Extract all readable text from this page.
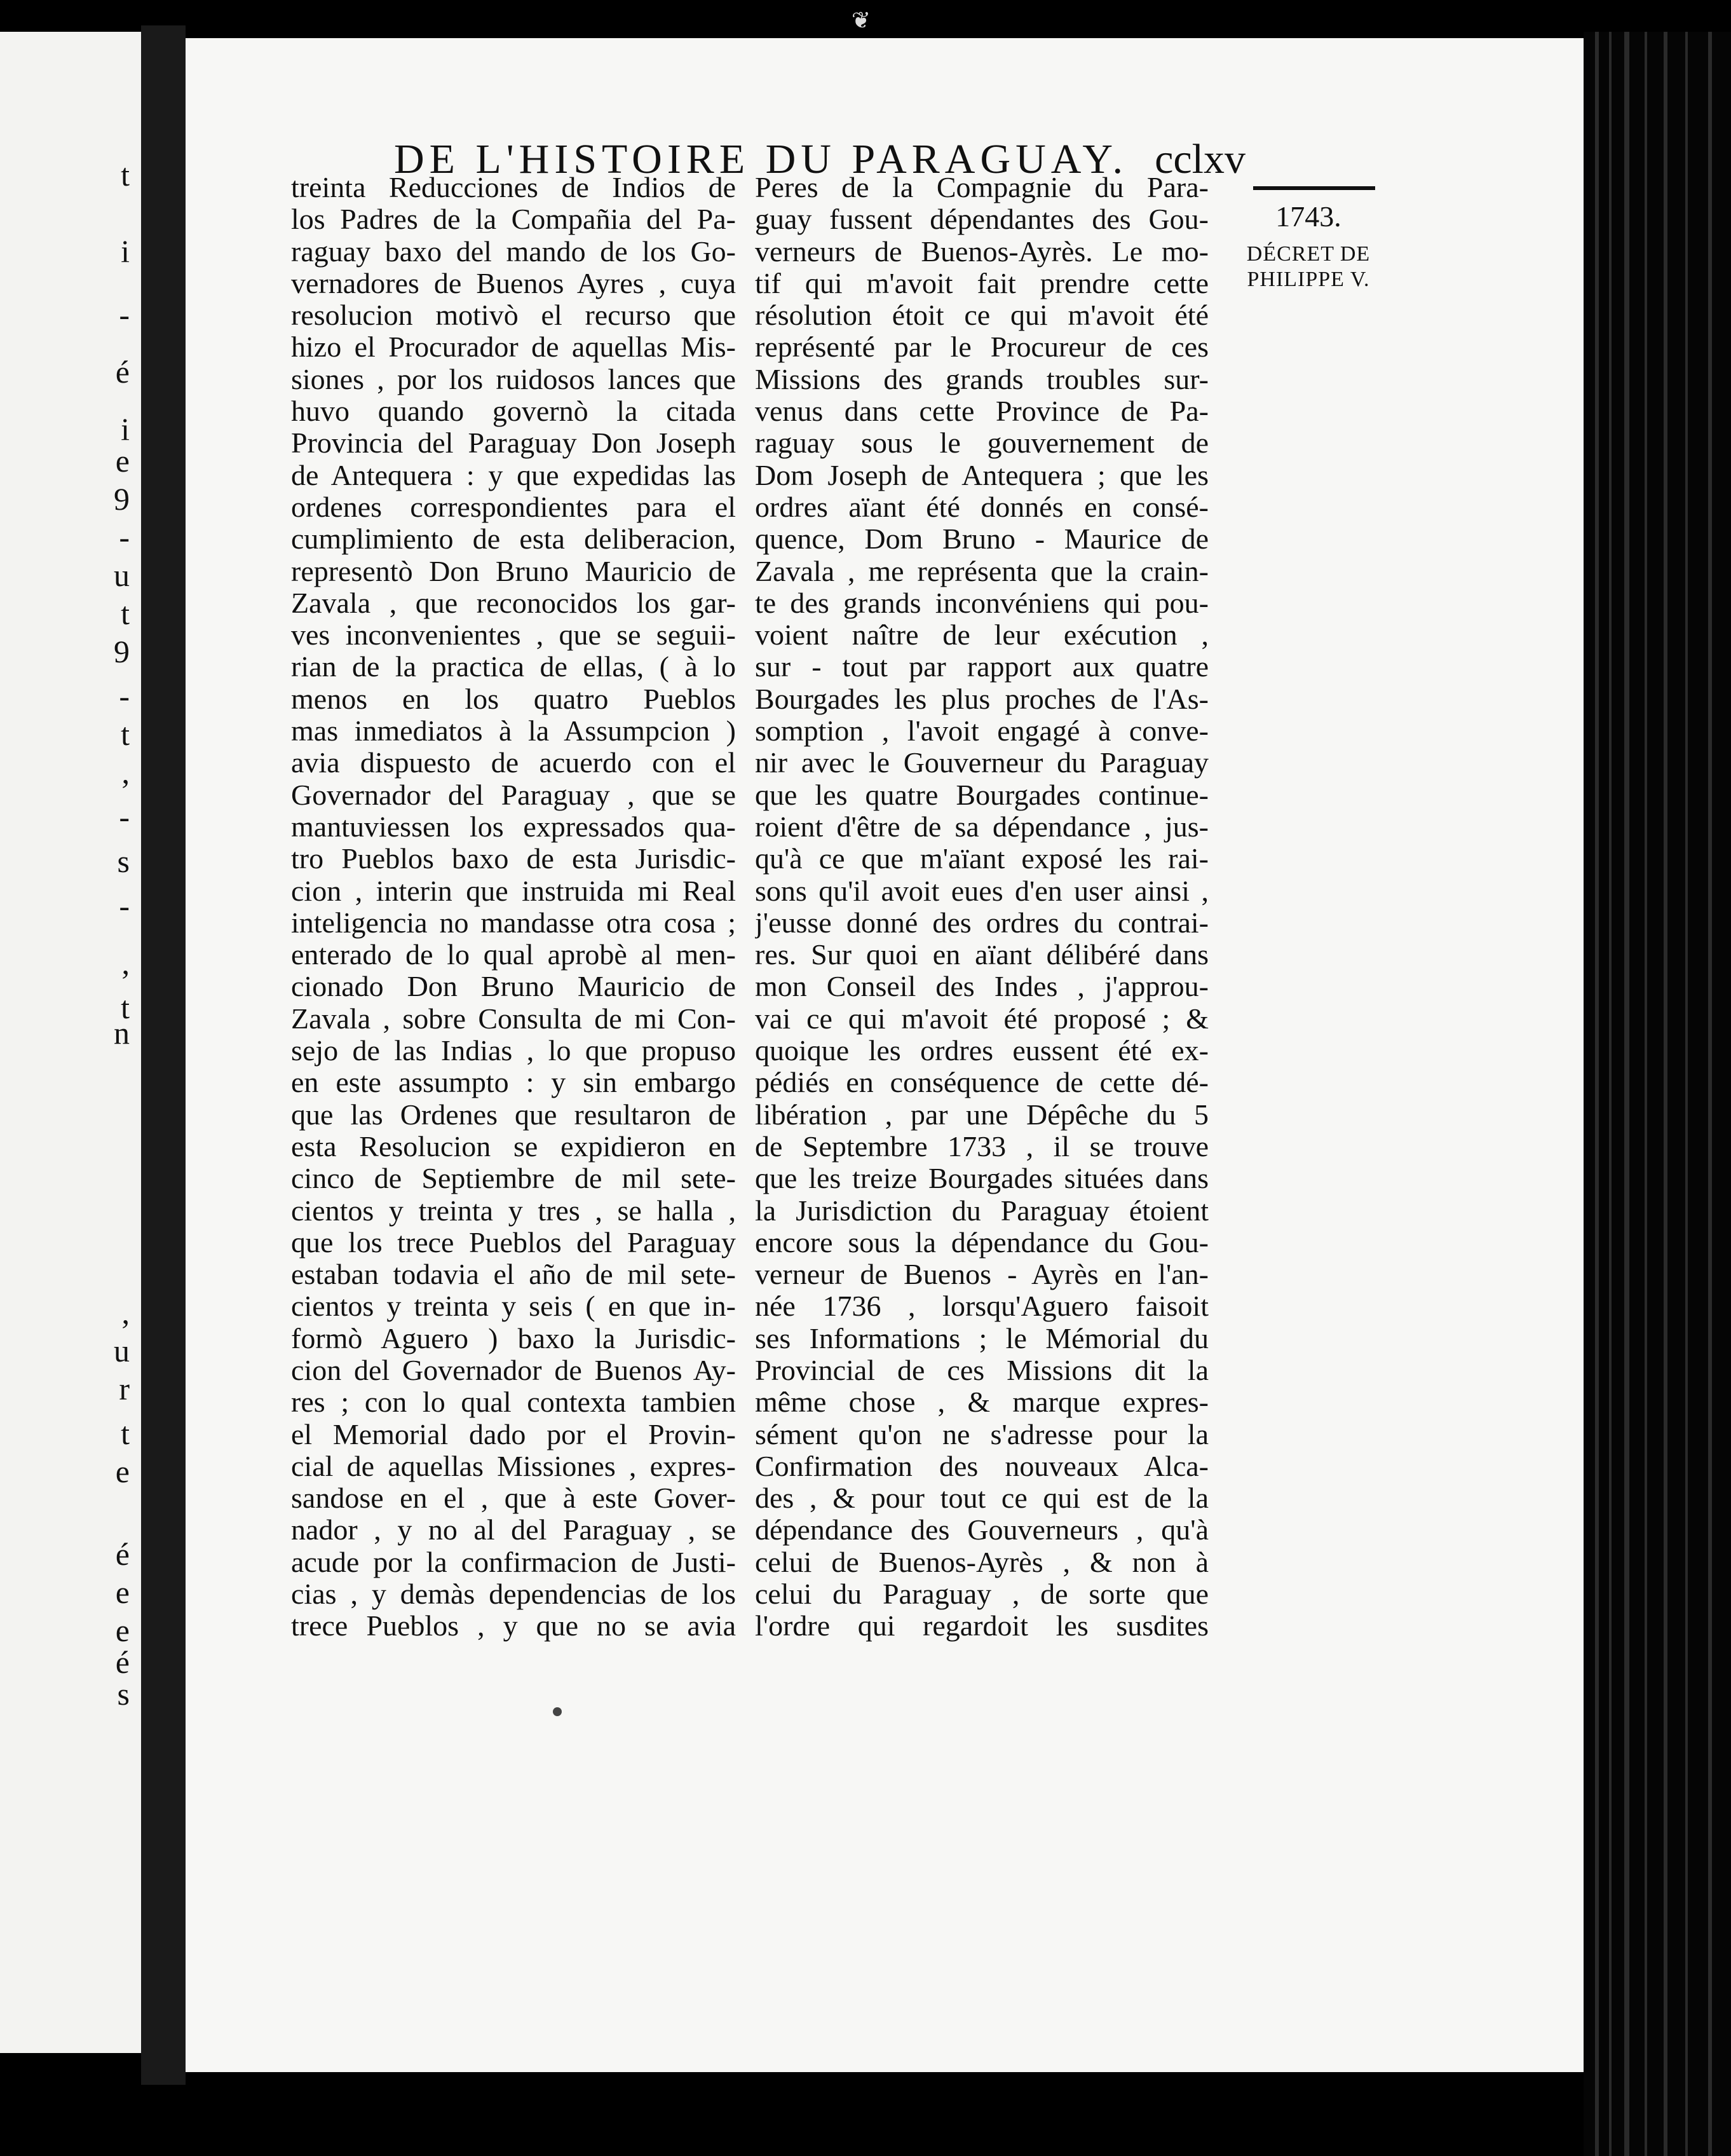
t
i
-
é
i
e
9
-
u
t
9
-
t
,
-
s
-
,
t
n
,
u
r
t
e
é
e
e
é
s
❦
DE L'HISTOIRE DU PARAGUAY. cclxv
treinta Reducciones de Indios de
los Padres de la Compañia del Pa-
raguay baxo del mando de los Go-
vernadores de Buenos Ayres , cuya
resolucion motivò el recurso que
hizo el Procurador de aquellas Mis-
siones , por los ruidosos lances que
huvo quando governò la citada
Provincia del Paraguay Don Joseph
de Antequera : y que expedidas las
ordenes correspondientes para el
cumplimiento de esta deliberacion,
representò Don Bruno Mauricio de
Zavala , que reconocidos los gar-
ves inconvenientes , que se seguii-
rian de la practica de ellas, ( à lo
menos en los quatro Pueblos
mas inmediatos à la Assumpcion )
avia dispuesto de acuerdo con el
Governador del Paraguay , que se
mantuviessen los expressados qua-
tro Pueblos baxo de esta Jurisdic-
cion , interin que instruida mi Real
inteligencia no mandasse otra cosa ;
enterado de lo qual aprobè al men-
cionado Don Bruno Mauricio de
Zavala , sobre Consulta de mi Con-
sejo de las Indias , lo que propuso
en este assumpto : y sin embargo
que las Ordenes que resultaron de
esta Resolucion se expidieron en
cinco de Septiembre de mil sete-
cientos y treinta y tres , se halla ,
que los trece Pueblos del Paraguay
estaban todavia el año de mil sete-
cientos y treinta y seis ( en que in-
formò Aguero ) baxo la Jurisdic-
cion del Governador de Buenos Ay-
res ; con lo qual contexta tambien
el Memorial dado por el Provin-
cial de aquellas Missiones , expres-
sandose en el , que à este Gover-
nador , y no al del Paraguay , se
acude por la confirmacion de Justi-
cias , y demàs dependencias de los
trece Pueblos , y que no se avia
Peres de la Compagnie du Para-
guay fussent dépendantes des Gou-
verneurs de Buenos-Ayrès. Le mo-
tif qui m'avoit fait prendre cette
résolution étoit ce qui m'avoit été
représenté par le Procureur de ces
Missions des grands troubles sur-
venus dans cette Province de Pa-
raguay sous le gouvernement de
Dom Joseph de Antequera ; que les
ordres aïant été donnés en consé-
quence, Dom Bruno - Maurice de
Zavala , me représenta que la crain-
te des grands inconvéniens qui pou-
voient naître de leur exécution ,
sur - tout par rapport aux quatre
Bourgades les plus proches de l'As-
somption , l'avoit engagé à conve-
nir avec le Gouverneur du Paraguay
que les quatre Bourgades continue-
roient d'être de sa dépendance , jus-
qu'à ce que m'aïant exposé les rai-
sons qu'il avoit eues d'en user ainsi ,
j'eusse donné des ordres du contrai-
res. Sur quoi en aïant délibéré dans
mon Conseil des Indes , j'approu-
vai ce qui m'avoit été proposé ; &
quoique les ordres eussent été ex-
pédiés en conséquence de cette dé-
libération , par une Dépêche du 5
de Septembre 1733 , il se trouve
que les treize Bourgades situées dans
la Jurisdiction du Paraguay étoient
encore sous la dépendance du Gou-
verneur de Buenos - Ayrès en l'an-
née 1736 , lorsqu'Aguero faisoit
ses Informations ; le Mémorial du
Provincial de ces Missions dit la
même chose , & marque expres-
sément qu'on ne s'adresse pour la
Confirmation des nouveaux Alca-
des , & pour tout ce qui est de la
dépendance des Gouverneurs , qu'à
celui de Buenos-Ayrès , & non à
celui du Paraguay , de sorte que
l'ordre qui regardoit les susdites
1743.
DÉCRET DE
PHILIPPE V.
